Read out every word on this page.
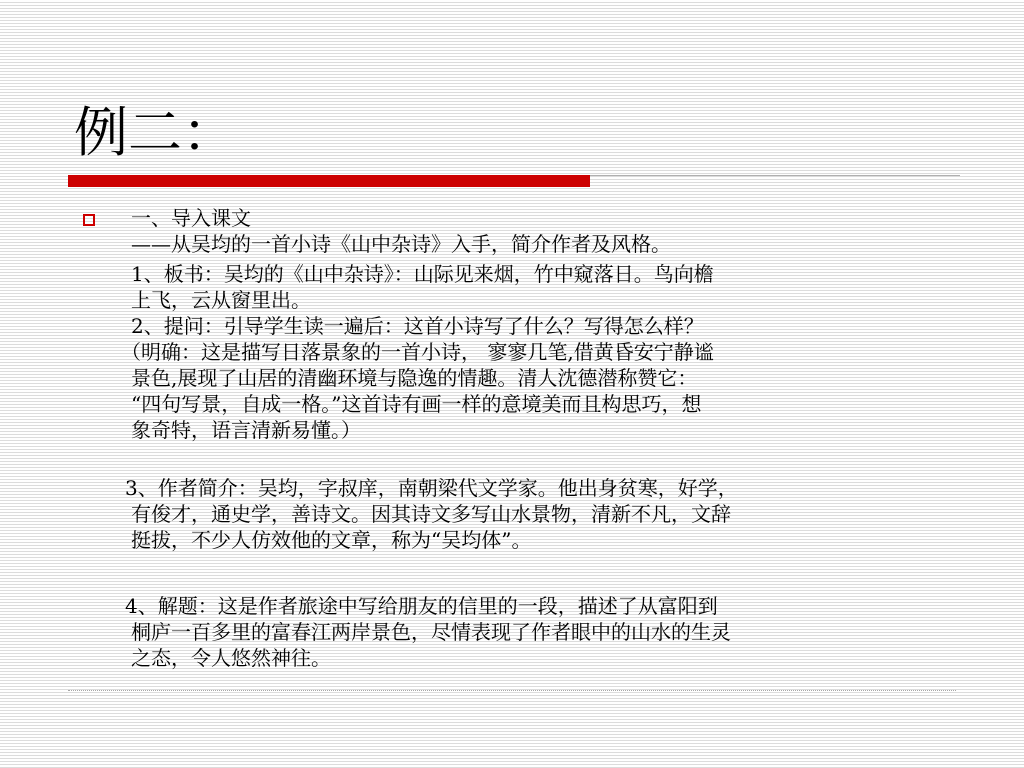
例二：
一、导入课文
——从吴均的一首小诗《山中杂诗》入手，简介作者及风格。
1、板书：吴均的《山中杂诗》：山际见来烟，竹中窥落日。鸟向檐
上飞，云从窗里出。
2、提问：引导学生读一遍后：这首小诗写了什么？写得怎么样？
（明确：这是描写日落景象的一首小诗， 寥寥几笔,借黄昏安宁静谧
景色,展现了山居的清幽环境与隐逸的情趣。清人沈德潜称赞它：
“四句写景，自成一格。”这首诗有画一样的意境美而且构思巧，想
象奇特，语言清新易懂。）
3、作者简介：吴均，字叔庠，南朝梁代文学家。他出身贫寒，好学，
有俊才，通史学，善诗文。因其诗文多写山水景物，清新不凡，文辞
挺拔，不少人仿效他的文章，称为“吴均体”。
4、解题：这是作者旅途中写给朋友的信里的一段，描述了从富阳到
桐庐一百多里的富春江两岸景色，尽情表现了作者眼中的山水的生灵
之态，令人悠然神往。
